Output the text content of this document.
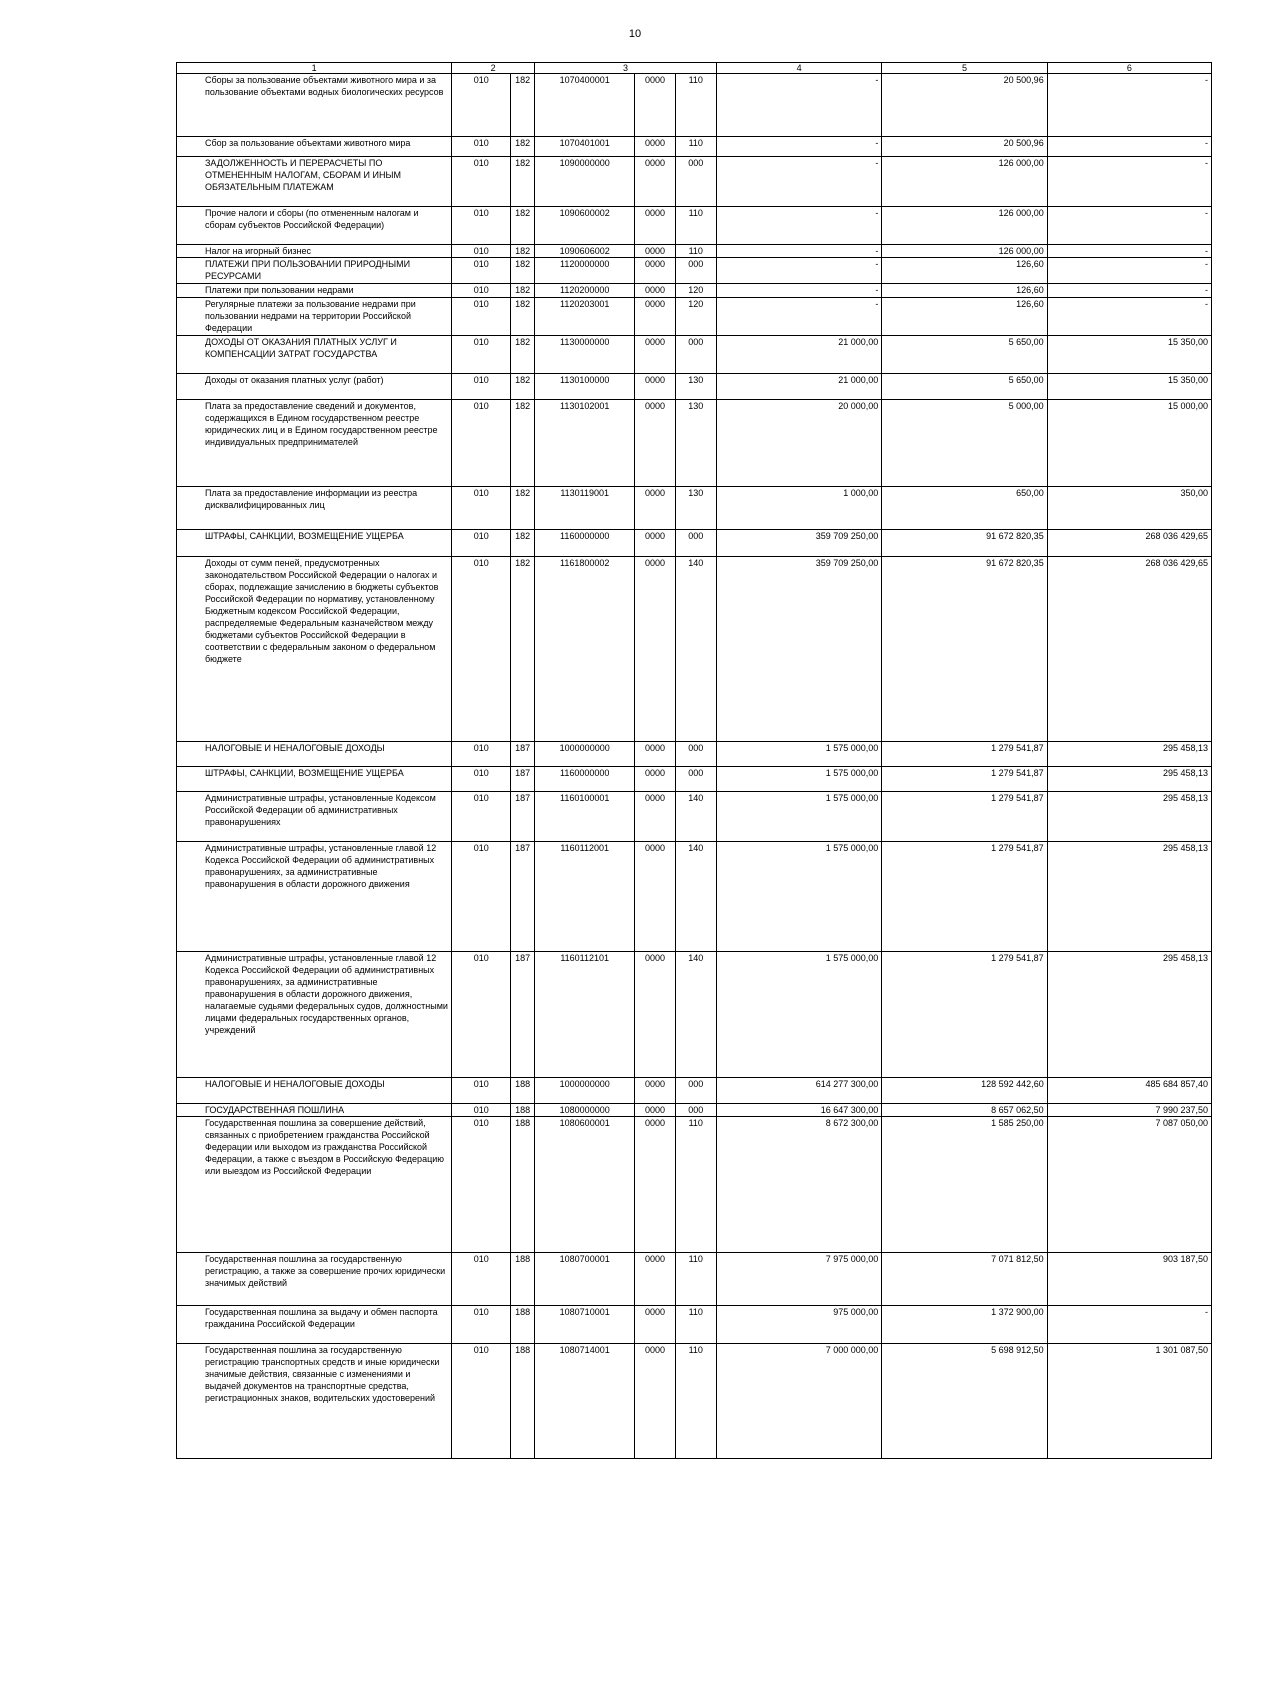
10
1	2		3			4	5	6
Сборы за пользование объектами животного мира и за пользование объектами водных биологических ресурсов	010	182	1070400001	0000	110	-	20 500,96	-
Сбор за пользование объектами животного мира	010	182	1070401001	0000	110	-	20 500,96	-
ЗАДОЛЖЕННОСТЬ И ПЕРЕРАСЧЕТЫ ПО ОТМЕНЕННЫМ НАЛОГАМ, СБОРАМ И ИНЫМ ОБЯЗАТЕЛЬНЫМ ПЛАТЕЖАМ	010	182	1090000000	0000	000	-	126 000,00	-
Прочие налоги и сборы (по отмененным налогам и сборам субъектов Российской Федерации)	010	182	1090600002	0000	110	-	126 000,00	-
Налог на игорный бизнес	010	182	1090606002	0000	110	-	126 000,00	-
ПЛАТЕЖИ ПРИ ПОЛЬЗОВАНИИ ПРИРОДНЫМИ РЕСУРСАМИ	010	182	1120000000	0000	000	-	126,60	-
Платежи при пользовании недрами	010	182	1120200000	0000	120	-	126,60	-
Регулярные платежи за пользование недрами при пользовании недрами на территории Российской Федерации	010	182	1120203001	0000	120	-	126,60	-
ДОХОДЫ ОТ ОКАЗАНИЯ ПЛАТНЫХ УСЛУГ И КОМПЕНСАЦИИ ЗАТРАТ ГОСУДАРСТВА	010	182	1130000000	0000	000	21 000,00	5 650,00	15 350,00
Доходы от оказания платных услуг (работ)	010	182	1130100000	0000	130	21 000,00	5 650,00	15 350,00
Плата за предоставление сведений и документов, содержащихся в Едином государственном реестре юридических лиц и в Едином государственном реестре индивидуальных предпринимателей	010	182	1130102001	0000	130	20 000,00	5 000,00	15 000,00
Плата за предоставление информации из реестра дисквалифицированных лиц	010	182	1130119001	0000	130	1 000,00	650,00	350,00
ШТРАФЫ, САНКЦИИ, ВОЗМЕЩЕНИЕ УЩЕРБА	010	182	1160000000	0000	000	359 709 250,00	91 672 820,35	268 036 429,65
Доходы от сумм пеней, предусмотренных законодательством Российской Федерации о налогах и сборах, подлежащие зачислению в бюджеты субъектов Российской Федерации по нормативу, установленному Бюджетным кодексом Российской Федерации, распределяемые Федеральным казначейством между бюджетами субъектов Российской Федерации в соответствии с федеральным законом о федеральном бюджете	010	182	1161800002	0000	140	359 709 250,00	91 672 820,35	268 036 429,65
НАЛОГОВЫЕ И НЕНАЛОГОВЫЕ ДОХОДЫ	010	187	1000000000	0000	000	1 575 000,00	1 279 541,87	295 458,13
ШТРАФЫ, САНКЦИИ, ВОЗМЕЩЕНИЕ УЩЕРБА	010	187	1160000000	0000	000	1 575 000,00	1 279 541,87	295 458,13
Административные штрафы, установленные Кодексом Российской Федерации об административных правонарушениях	010	187	1160100001	0000	140	1 575 000,00	1 279 541,87	295 458,13
Административные штрафы, установленные главой 12 Кодекса Российской Федерации об административных правонарушениях, за административные правонарушения в области дорожного движения	010	187	1160112001	0000	140	1 575 000,00	1 279 541,87	295 458,13
Административные штрафы, установленные главой 12 Кодекса Российской Федерации об административных правонарушениях, за административные правонарушения в области дорожного движения, налагаемые судьями федеральных судов, должностными лицами федеральных государственных органов, учреждений	010	187	1160112101	0000	140	1 575 000,00	1 279 541,87	295 458,13
НАЛОГОВЫЕ И НЕНАЛОГОВЫЕ ДОХОДЫ	010	188	1000000000	0000	000	614 277 300,00	128 592 442,60	485 684 857,40
ГОСУДАРСТВЕННАЯ ПОШЛИНА	010	188	1080000000	0000	000	16 647 300,00	8 657 062,50	7 990 237,50
Государственная пошлина за совершение действий, связанных с приобретением гражданства Российской Федерации или выходом из гражданства Российской Федерации, а также с въездом в Российскую Федерацию или выездом из Российской Федерации	010	188	1080600001	0000	110	8 672 300,00	1 585 250,00	7 087 050,00
Государственная пошлина за государственную регистрацию, а также за совершение прочих юридически значимых действий	010	188	1080700001	0000	110	7 975 000,00	7 071 812,50	903 187,50
Государственная пошлина за выдачу и обмен паспорта гражданина Российской Федерации	010	188	1080710001	0000	110	975 000,00	1 372 900,00	-
Государственная пошлина за государственную регистрацию транспортных средств и иные юридически значимые действия, связанные с изменениями и выдачей документов на транспортные средства, регистрационных знаков, водительских удостоверений	010	188	1080714001	0000	110	7 000 000,00	5 698 912,50	1 301 087,50
